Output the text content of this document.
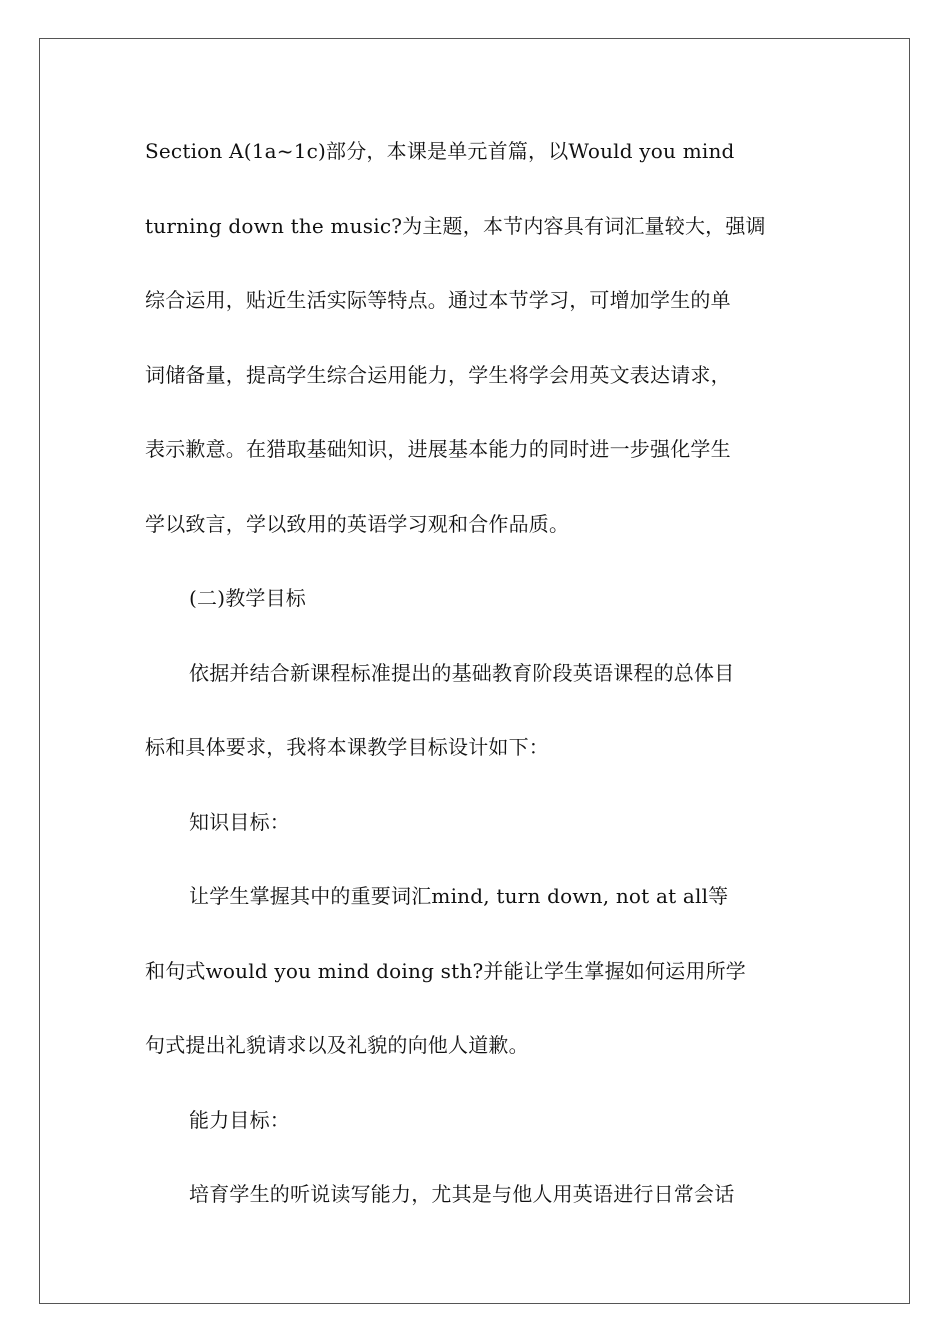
Section A(1a~1c)部分，本课是单元首篇，以Would you mind
turning down the music?为主题，本节内容具有词汇量较大，强调
综合运用，贴近生活实际等特点。通过本节学习，可增加学生的单
词储备量，提高学生综合运用能力，学生将学会用英文表达请求，
表示歉意。在猎取基础知识，进展基本能力的同时进一步强化学生
学以致言，学以致用的英语学习观和合作品质。
(二)教学目标
依据并结合新课程标准提出的基础教育阶段英语课程的总体目
标和具体要求，我将本课教学目标设计如下：
知识目标：
让学生掌握其中的重要词汇mind, turn down, not at all等
和句式would you mind doing sth?并能让学生掌握如何运用所学
句式提出礼貌请求以及礼貌的向他人道歉。
能力目标：
培育学生的听说读写能力，尤其是与他人用英语进行日常会话
